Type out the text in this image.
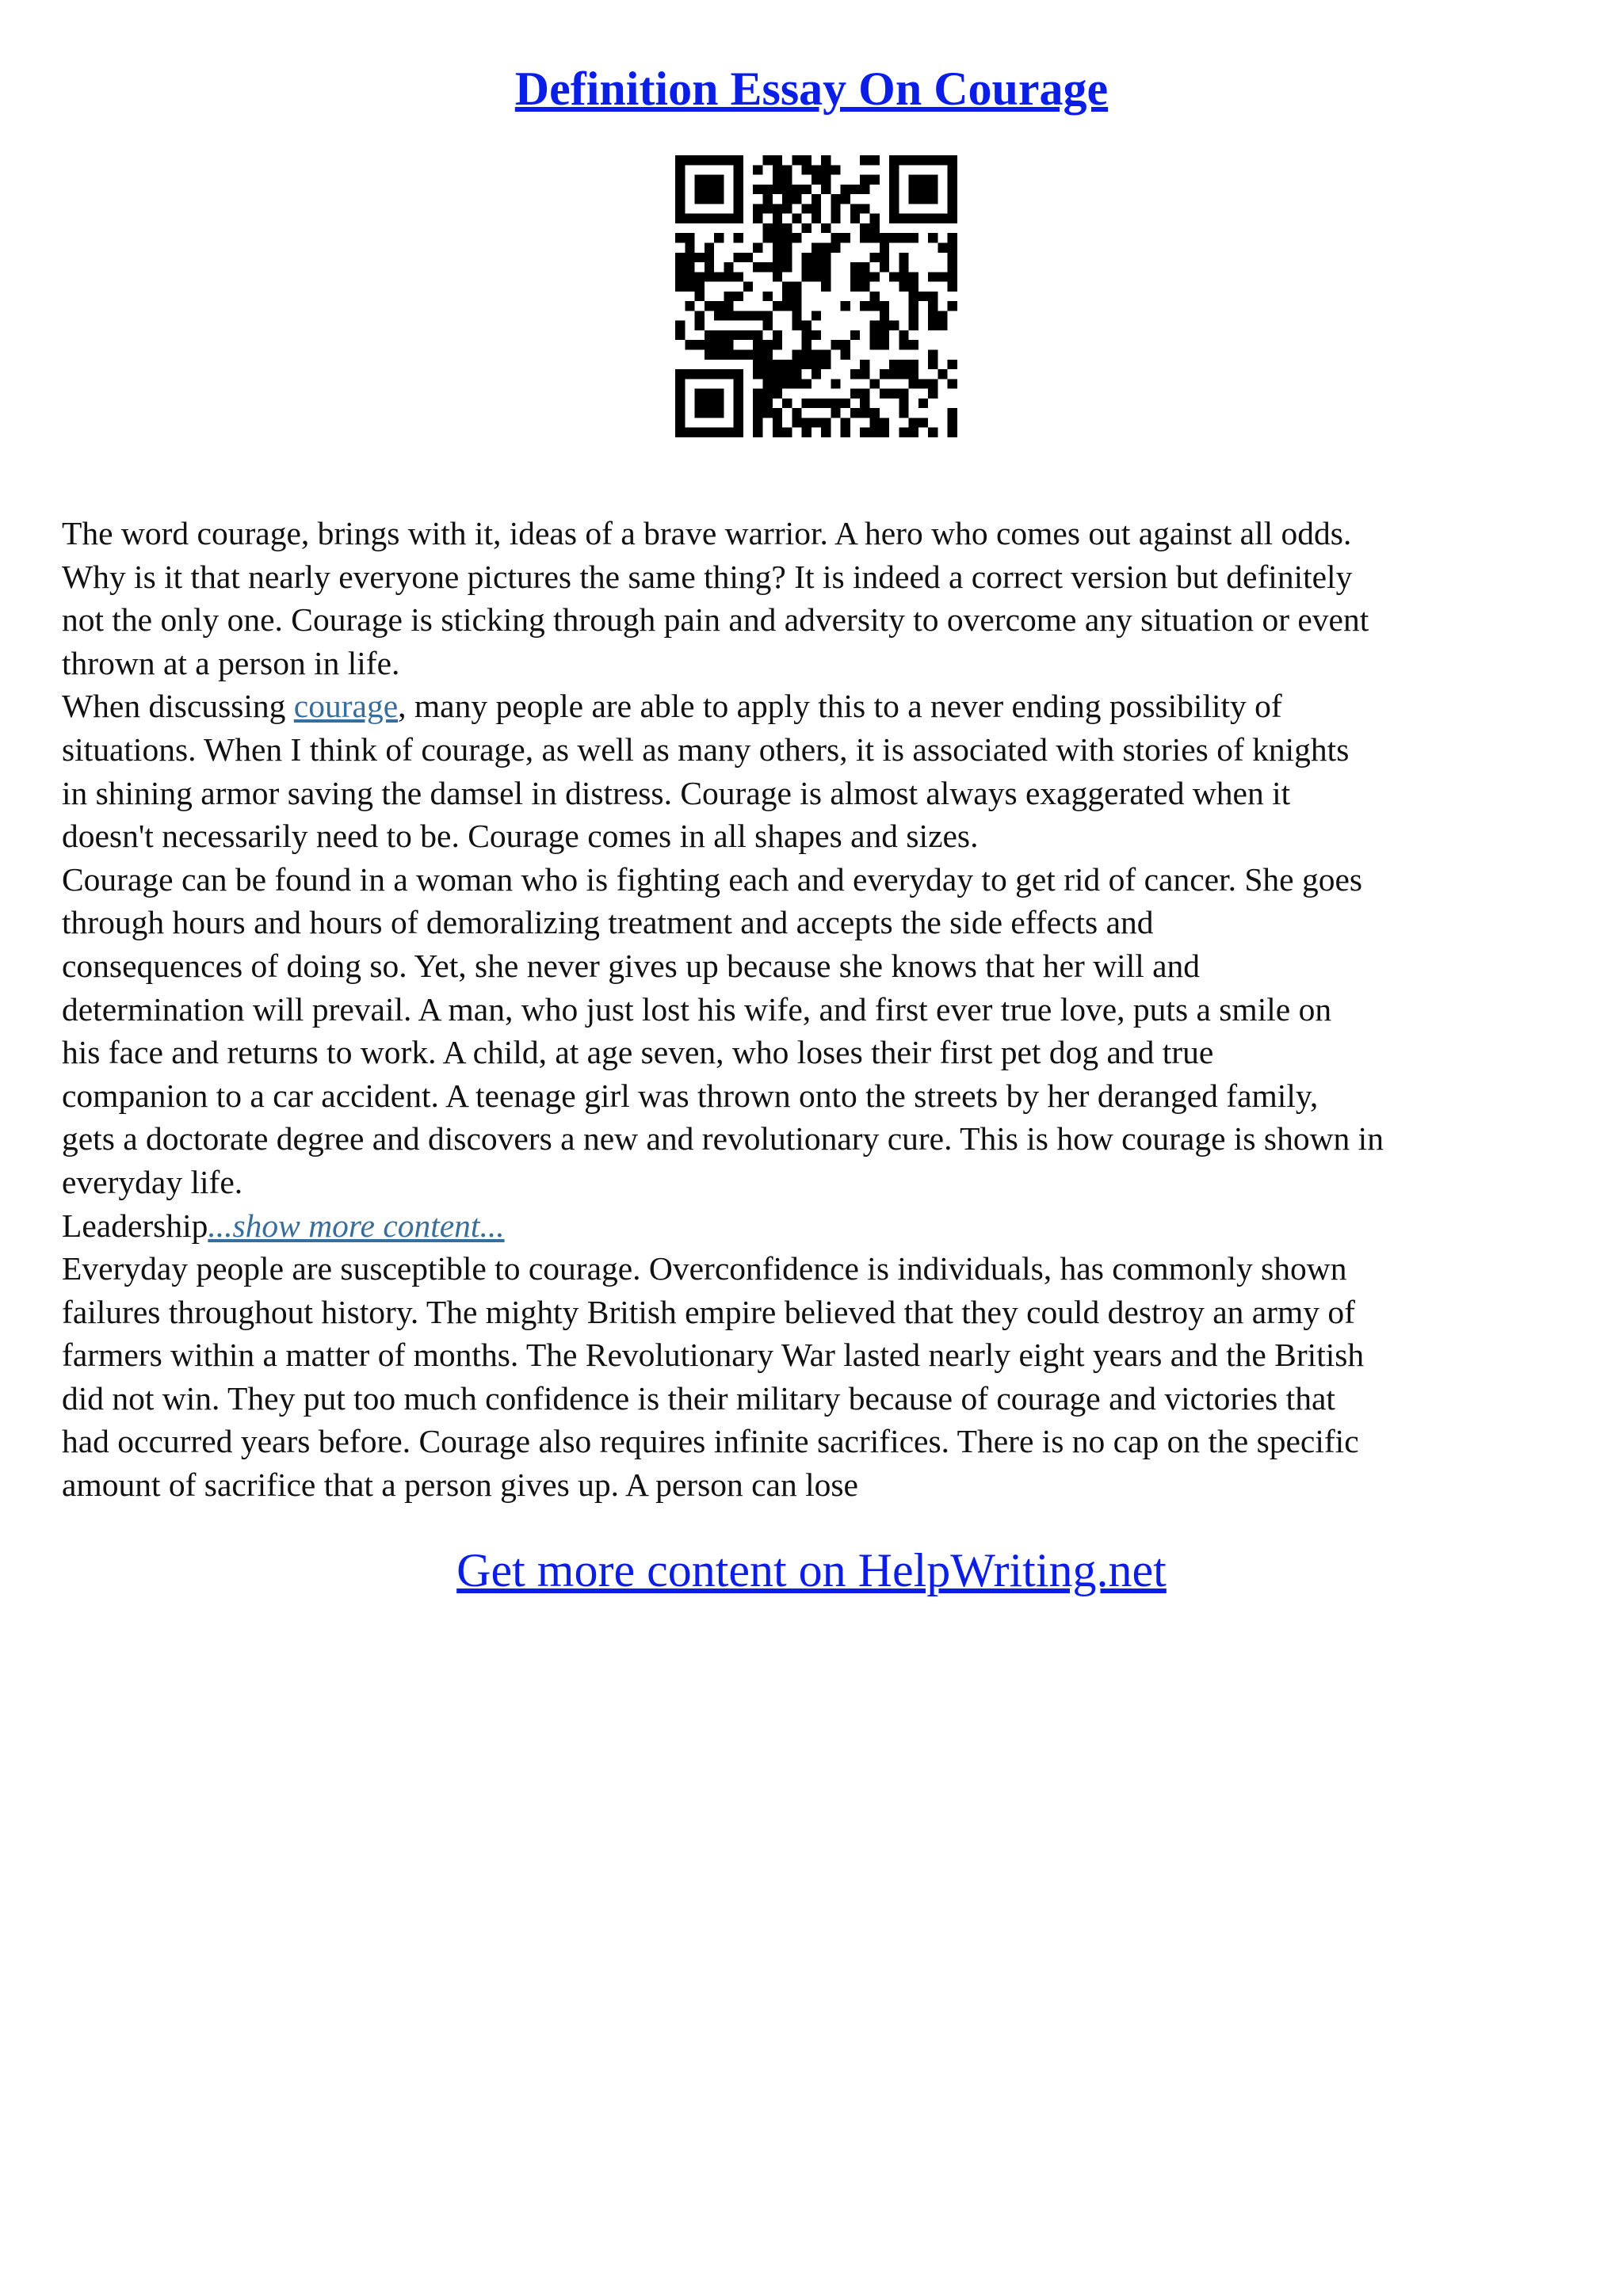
Definition Essay On Courage
The word courage, brings with it, ideas of a brave warrior. A hero who comes out against all odds.
Why is it that nearly everyone pictures the same thing? It is indeed a correct version but definitely
not the only one. Courage is sticking through pain and adversity to overcome any situation or event
thrown at a person in life.
When discussing courage, many people are able to apply this to a never ending possibility of
situations. When I think of courage, as well as many others, it is associated with stories of knights
in shining armor saving the damsel in distress. Courage is almost always exaggerated when it
doesn't necessarily need to be. Courage comes in all shapes and sizes.
Courage can be found in a woman who is fighting each and everyday to get rid of cancer. She goes
through hours and hours of demoralizing treatment and accepts the side effects and
consequences of doing so. Yet, she never gives up because she knows that her will and
determination will prevail. A man, who just lost his wife, and first ever true love, puts a smile on
his face and returns to work. A child, at age seven, who loses their first pet dog and true
companion to a car accident. A teenage girl was thrown onto the streets by her deranged family,
gets a doctorate degree and discovers a new and revolutionary cure. This is how courage is shown in
everyday life.
Leadership...show more content...
Everyday people are susceptible to courage. Overconfidence is individuals, has commonly shown
failures throughout history. The mighty British empire believed that they could destroy an army of
farmers within a matter of months. The Revolutionary War lasted nearly eight years and the British
did not win. They put too much confidence is their military because of courage and victories that
had occurred years before. Courage also requires infinite sacrifices. There is no cap on the specific
amount of sacrifice that a person gives up. A person can lose

Get more content on HelpWriting.net
